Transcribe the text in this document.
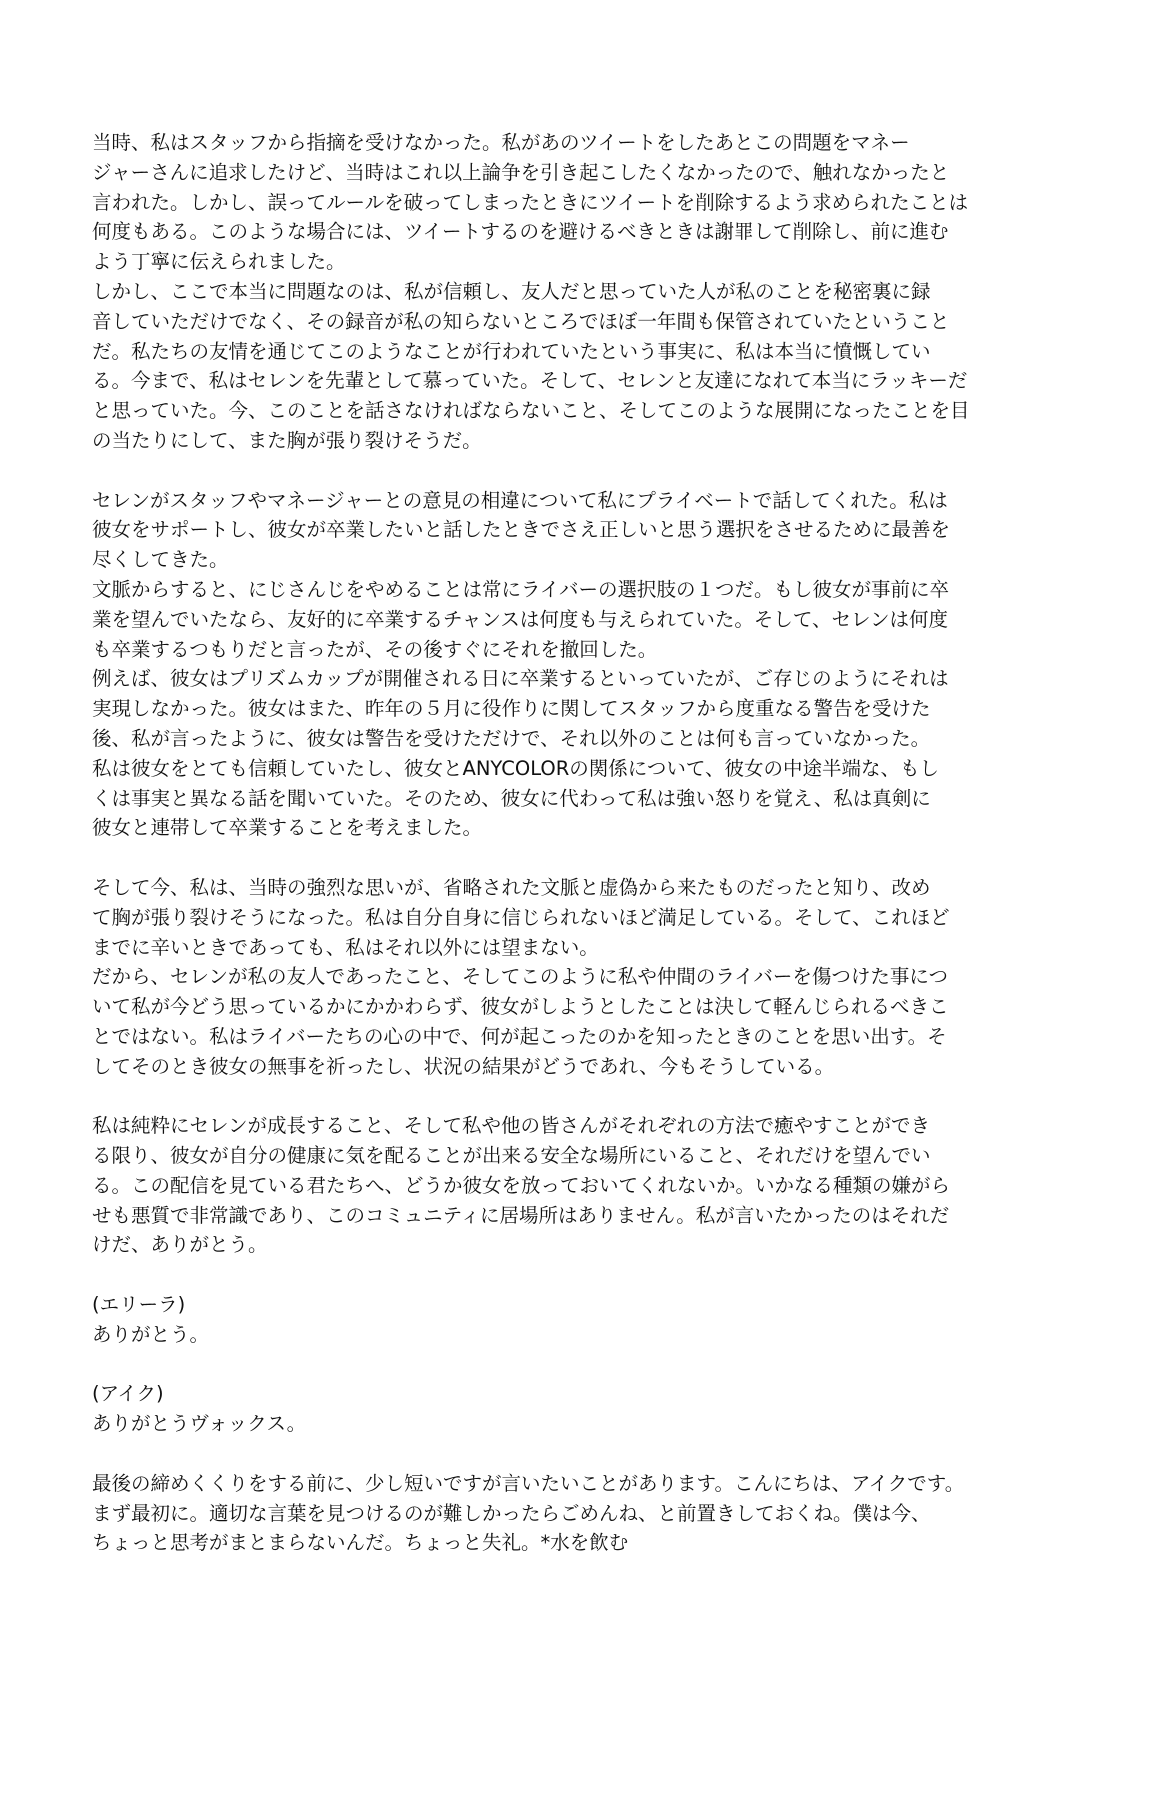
当時、私はスタッフから指摘を受けなかった。私があのツイートをしたあとこの問題をマネー
ジャーさんに追求したけど、当時はこれ以上論争を引き起こしたくなかったので、触れなかったと
言われた。しかし、誤ってルールを破ってしまったときにツイートを削除するよう求められたことは
何度もある。このような場合には、ツイートするのを避けるべきときは謝罪して削除し、前に進む
よう丁寧に伝えられました。
しかし、ここで本当に問題なのは、私が信頼し、友人だと思っていた人が私のことを秘密裏に録
音していただけでなく、その録音が私の知らないところでほぼ一年間も保管されていたということ
だ。私たちの友情を通じてこのようなことが行われていたという事実に、私は本当に憤慨してい
る。今まで、私はセレンを先輩として慕っていた。そして、セレンと友達になれて本当にラッキーだ
と思っていた。今、このことを話さなければならないこと、そしてこのような展開になったことを目
の当たりにして、また胸が張り裂けそうだ。
セレンがスタッフやマネージャーとの意見の相違について私にプライベートで話してくれた。私は
彼女をサポートし、彼女が卒業したいと話したときでさえ正しいと思う選択をさせるために最善を
尽くしてきた。
文脈からすると、にじさんじをやめることは常にライバーの選択肢の１つだ。もし彼女が事前に卒
業を望んでいたなら、友好的に卒業するチャンスは何度も与えられていた。そして、セレンは何度
も卒業するつもりだと言ったが、その後すぐにそれを撤回した。
例えば、彼女はプリズムカップが開催される日に卒業するといっていたが、ご存じのようにそれは
実現しなかった。彼女はまた、昨年の５月に役作りに関してスタッフから度重なる警告を受けた
後、私が言ったように、彼女は警告を受けただけで、それ以外のことは何も言っていなかった。
私は彼女をとても信頼していたし、彼女とANYCOLORの関係について、彼女の中途半端な、もし
くは事実と異なる話を聞いていた。そのため、彼女に代わって私は強い怒りを覚え、私は真剣に
彼女と連帯して卒業することを考えました。
そして今、私は、当時の強烈な思いが、省略された文脈と虚偽から来たものだったと知り、改め
て胸が張り裂けそうになった。私は自分自身に信じられないほど満足している。そして、これほど
までに辛いときであっても、私はそれ以外には望まない。
だから、セレンが私の友人であったこと、そしてこのように私や仲間のライバーを傷つけた事につ
いて私が今どう思っているかにかかわらず、彼女がしようとしたことは決して軽んじられるべきこ
とではない。私はライバーたちの心の中で、何が起こったのかを知ったときのことを思い出す。そ
してそのとき彼女の無事を祈ったし、状況の結果がどうであれ、今もそうしている。
私は純粋にセレンが成長すること、そして私や他の皆さんがそれぞれの方法で癒やすことができ
る限り、彼女が自分の健康に気を配ることが出来る安全な場所にいること、それだけを望んでい
る。この配信を見ている君たちへ、どうか彼女を放っておいてくれないか。いかなる種類の嫌がら
せも悪質で非常識であり、このコミュニティに居場所はありません。私が言いたかったのはそれだ
けだ、ありがとう。
(エリーラ)
ありがとう。
(アイク)
ありがとうヴォックス。
最後の締めくくりをする前に、少し短いですが言いたいことがあります。こんにちは、アイクです。
まず最初に。適切な言葉を見つけるのが難しかったらごめんね、と前置きしておくね。僕は今、
ちょっと思考がまとまらないんだ。ちょっと失礼。*水を飲む
